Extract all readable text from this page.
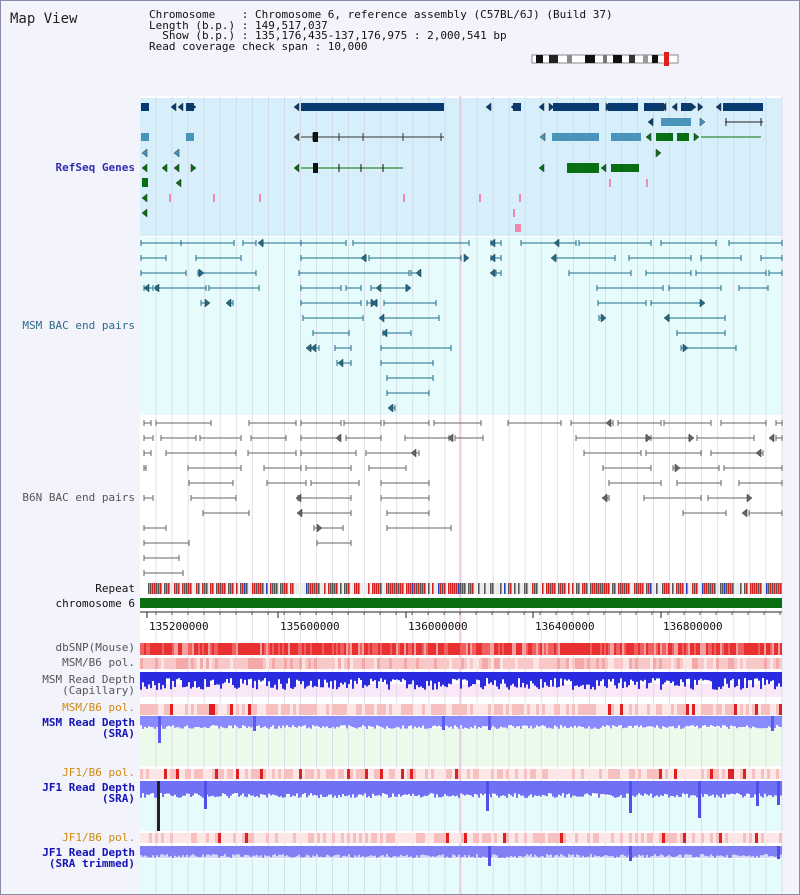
Map View	Chromosome    : Chromosome 6, reference assembly (C57BL/6J) (Build 37)
Length (b.p.) : 149,517,037
Show (b.p.) : 135,176,435-137,176,975 : 2,000,541 bp
Read coverage check span : 10,000
135200000	135600000	136000000	136400000	136800000
RefSeq Genes
MSM BAC end pairs
B6N BAC end pairs
Repeat
chromosome 6
dbSNP(Mouse)
MSM/B6 pol.
MSM Read Depth
(Capillary)
MSM/B6 pol.
MSM Read Depth
(SRA)
JF1/B6 pol.
JF1 Read Depth
(SRA)
JF1/B6 pol.
JF1 Read Depth
(SRA trimmed)
